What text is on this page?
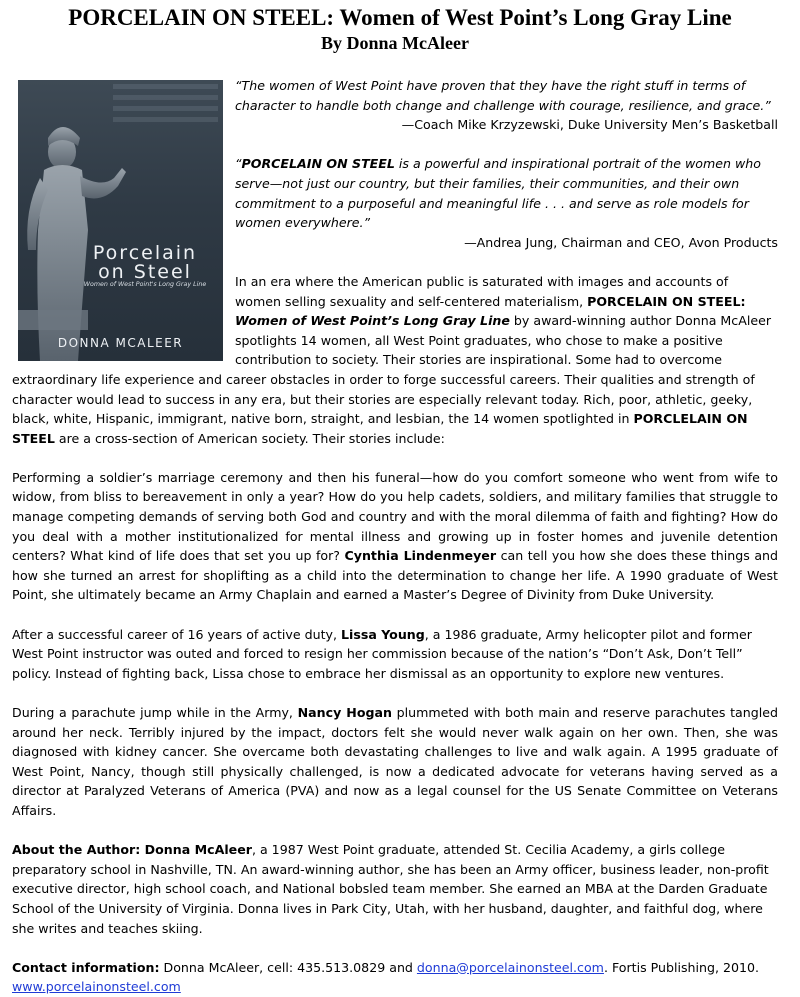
PORCELAIN ON STEEL: Women of West Point’s Long Gray Line
By Donna McAleer
Porcelain
on Steel
Women of West Point's Long Gray Line
DONNA MCALEER

“The women of West Point have proven that they have the right stuff in terms of character to handle both change and challenge with courage, resilience, and grace.”

—Coach Mike Krzyzewski, Duke University Men’s Basketball

“PORCELAIN ON STEEL is a powerful and inspirational portrait of the women who serve—not just our country, but their families, their communities, and their own commitment to a purposeful and meaningful life . . . and serve as role models for women everywhere.”

—Andrea Jung, Chairman and CEO, Avon Products

In an era where the American public is saturated with images and accounts of women selling sexuality and self-centered materialism, PORCELAIN ON STEEL: Women of West Point’s Long Gray Line by award-winning author Donna McAleer spotlights 14 women, all West Point graduates, who chose to make a positive contribution to society. Their stories are inspirational. Some had to overcome extraordinary life experience and career obstacles in order to forge successful careers. Their qualities and strength of character would lead to success in any era, but their stories are especially relevant today. Rich, poor, athletic, geeky, black, white, Hispanic, immigrant, native born, straight, and lesbian, the 14 women spotlighted in PORCLELAIN ON STEEL are a cross-section of American society. Their stories include:

Performing a soldier’s marriage ceremony and then his funeral—how do you comfort someone who went from wife to widow, from bliss to bereavement in only a year? How do you help cadets, soldiers, and military families that struggle to manage competing demands of serving both God and country and with the moral dilemma of faith and fighting? How do you deal with a mother institutionalized for mental illness and growing up in foster homes and juvenile detention centers? What kind of life does that set you up for? Cynthia Lindenmeyer can tell you how she does these things and how she turned an arrest for shoplifting as a child into the determination to change her life. A 1990 graduate of West Point, she ultimately became an Army Chaplain and earned a Master’s Degree of Divinity from Duke University.

After a successful career of 16 years of active duty, Lissa Young, a 1986 graduate, Army helicopter pilot and former West Point instructor was outed and forced to resign her commission because of the nation’s “Don’t Ask, Don’t Tell” policy. Instead of fighting back, Lissa chose to embrace her dismissal as an opportunity to explore new ventures.

During a parachute jump while in the Army, Nancy Hogan plummeted with both main and reserve parachutes tangled around her neck. Terribly injured by the impact, doctors felt she would never walk again on her own. Then, she was diagnosed with kidney cancer. She overcame both devastating challenges to live and walk again. A 1995 graduate of West Point, Nancy, though still physically challenged, is now a dedicated advocate for veterans having served as a director at Paralyzed Veterans of America (PVA) and now as a legal counsel for the US Senate Committee on Veterans Affairs.

About the Author: Donna McAleer, a 1987 West Point graduate, attended St. Cecilia Academy, a girls college preparatory school in Nashville, TN. An award-winning author, she has been an Army officer, business leader, non-profit executive director, high school coach, and National bobsled team member. She earned an MBA at the Darden Graduate School of the University of Virginia. Donna lives in Park City, Utah, with her husband, daughter, and faithful dog, where she writes and teaches skiing.

Contact information: Donna McAleer, cell: 435.513.0829 and donna@porcelainonsteel.com. Fortis Publishing, 2010.
www.porcelainonsteel.com
